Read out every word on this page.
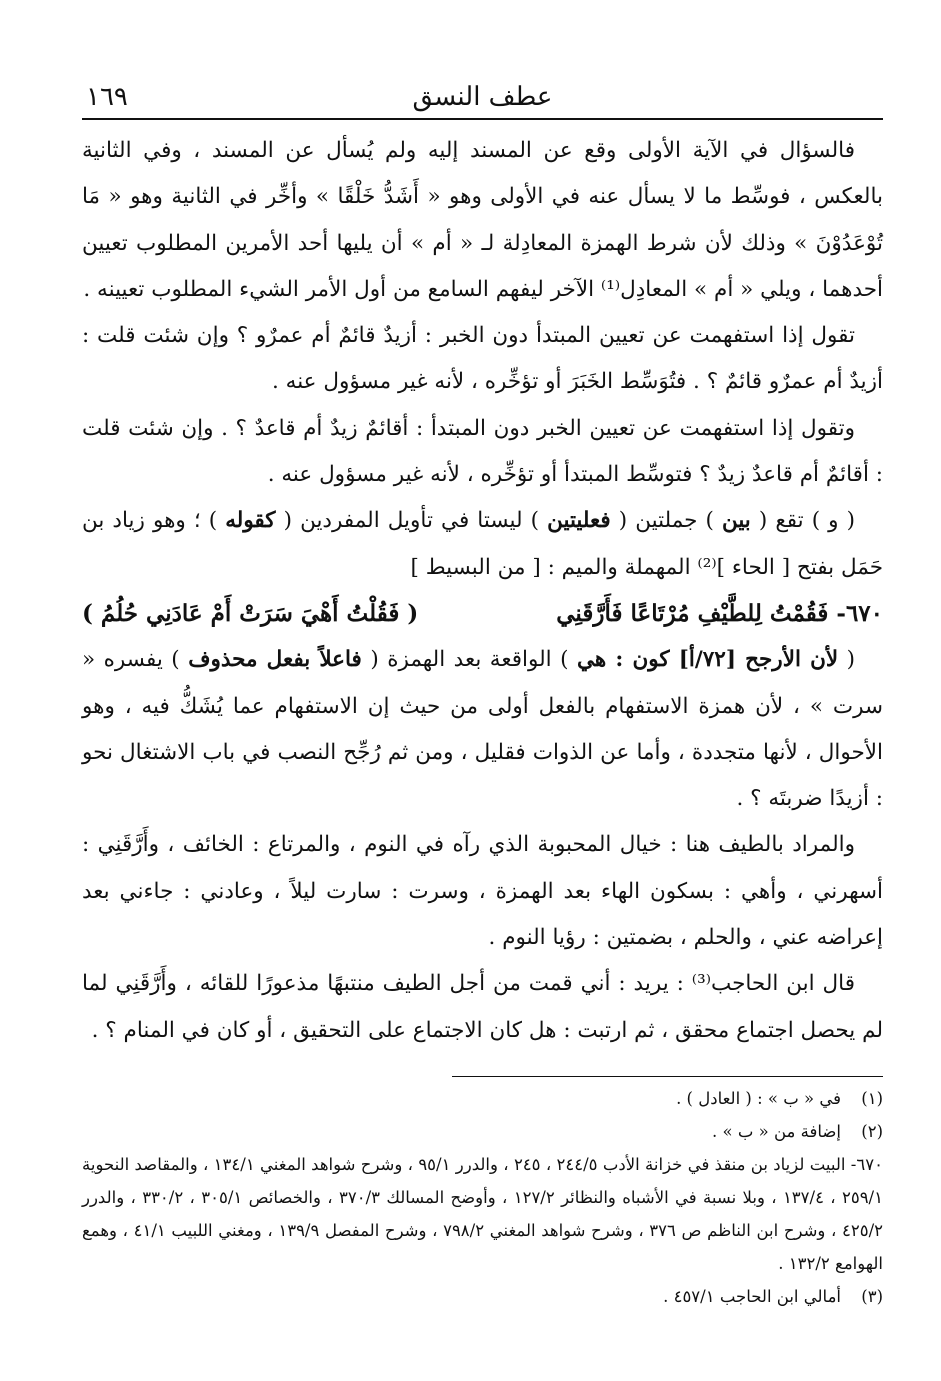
عطف النسق
١٦٩

فالسؤال في الآية الأولى وقع عن المسند إليه ولم يُسأل عن المسند ، وفي الثانية بالعكس ، فوسِّط ما لا يسأل عنه في الأولى وهو « أَشَدُّ خَلْقًا » وأخِّر في الثانية وهو « مَا تُوْعَدُوْنَ » وذلك لأن شرط الهمزة المعادِلة لـ « أم » أن يليها أحد الأمرين المطلوب تعيين أحدهما ، ويلي « أم » المعادِل⁽¹⁾ الآخر ليفهم السامع من أول الأمر الشيء المطلوب تعيينه .

تقول إذا استفهمت عن تعيين المبتدأ دون الخبر : أزيدٌ قائمٌ أم عمرٌو ؟ وإن شئت قلت : أزيدٌ أم عمرٌو قائمٌ ؟ . فتُوَسِّط الخَبَرَ أو تؤخِّره ، لأنه غير مسؤول عنه .

وتقول إذا استفهمت عن تعيين الخبر دون المبتدأ : أقائمٌ زيدٌ أم قاعدٌ ؟ . وإن شئت قلت : أقائمٌ أم قاعدٌ زيدٌ ؟ فتوسِّط المبتدأ أو تؤخِّره ، لأنه غير مسؤول عنه .

( و ) تقع ( بين ) جملتين ( فعليتين ) ليستا في تأويل المفردين ( كقوله ) ؛ وهو زياد بن حَمَل بفتح [ الحاء ]⁽²⁾ المهملة والميم : [ من البسيط ]

٦٧٠- فَقُمْتُ لِلطَّيْفِ مُرْتَاعًا فَأَرَّقَنِي
( فَقُلْتُ أَهْيَ سَرَتْ أَمْ عَادَنِي حُلُمُ )

( لأن الأرجح [٧٢/أ] كون : هي ) الواقعة بعد الهمزة ( فاعلاً بفعل محذوف ) يفسره « سرت » ، لأن همزة الاستفهام بالفعل أولى من حيث إن الاستفهام عما يُشَكُّ فيه ، وهو الأحوال ، لأنها متجددة ، وأما عن الذوات فقليل ، ومن ثم رُجِّح النصب في باب الاشتغال نحو : أزيدًا ضربتَه ؟ .

والمراد بالطيف هنا : خيال المحبوبة الذي رآه في النوم ، والمرتاع : الخائف ، وأَرَّقَنِي : أسهرني ، وأهي : بسكون الهاء بعد الهمزة ، وسرت : سارت ليلاً ، وعادني : جاءني بعد إعراضه عني ، والحلم ، بضمتين : رؤيا النوم .

قال ابن الحاجب⁽³⁾ : يريد : أني قمت من أجل الطيف منتبهًا مذعورًا للقائه ، وأَرَّقَنِي لما لم يحصل اجتماع محقق ، ثم ارتبت : هل كان الاجتماع على التحقيق ، أو كان في المنام ؟ .

(١)في « ب » : ( العادل ) .

(٢)إضافة من « ب » .

٦٧٠- البيت لزياد بن منقذ في خزانة الأدب ٢٤٤/٥ ، ٢٤٥ ، والدرر ٩٥/١ ، وشرح شواهد المغني ١٣٤/١ ، والمقاصد النحوية ٢٥٩/١ ، ١٣٧/٤ ، وبلا نسبة في الأشباه والنظائر ١٢٧/٢ ، وأوضح المسالك ٣٧٠/٣ ، والخصائص ٣٠٥/١ ، ٣٣٠/٢ ، والدرر ٤٢٥/٢ ، وشرح ابن الناظم ص ٣٧٦ ، وشرح شواهد المغني ٧٩٨/٢ ، وشرح المفصل ١٣٩/٩ ، ومغني اللبيب ٤١/١ ، وهمع الهوامع ١٣٢/٢ .

(٣)أمالي ابن الحاجب ٤٥٧/١ .
